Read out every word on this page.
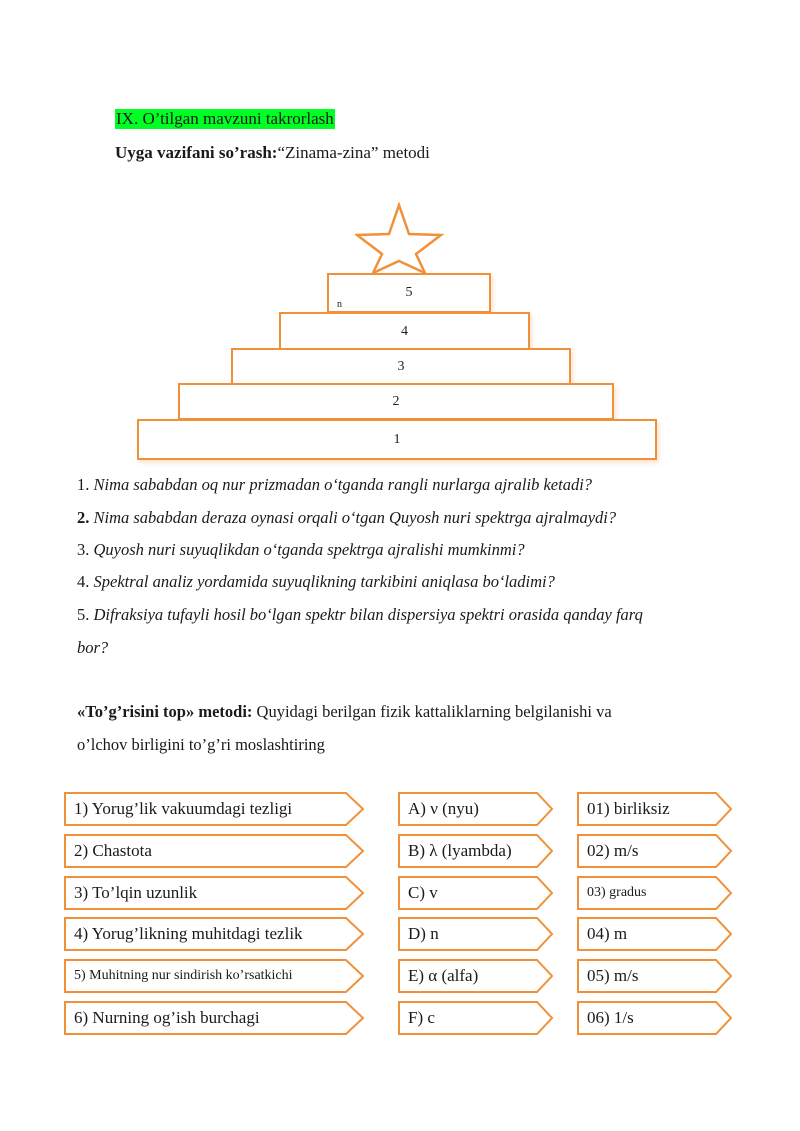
IX. O’tilgan mavzuni takrorlash
Uyga vazifani so’rash:“Zinama-zina” metodi
5
n
4
3
2
1
1. Nima sababdan oq nur prizmadan o‘tganda rangli nurlarga ajralib ketadi?
2. Nima sababdan deraza oynasi orqali o‘tgan Quyosh nuri spektrga ajralmaydi?
3. Quyosh nuri suyuqlikdan o‘tganda spektrga ajralishi mumkinmi?
4. Spektral analiz yordamida suyuqlikning tarkibini aniqlasa bo‘ladimi?
5. Difraksiya tufayli hosil bo‘lgan spektr bilan dispersiya spektri orasida qanday farq
bor?
«To’g’risini top» metodi: Quyidagi berilgan fizik kattaliklarning belgilanishi va
o’lchov birligini to’g’ri moslashtiring
1) Yorug’lik vakuumdagi tezligi
2) Chastota
3) To’lqin uzunlik
4) Yorug’likning muhitdagi tezlik
5) Muhitning nur sindirish ko’rsatkichi
6) Nurning og’ish burchagi
A) ν (nyu)
B) λ (lyambda)
C) v
D) n
E) α (alfa)
F) c
01) birliksiz
02) m/s
03) gradus
04) m
05) m/s
06) 1/s
